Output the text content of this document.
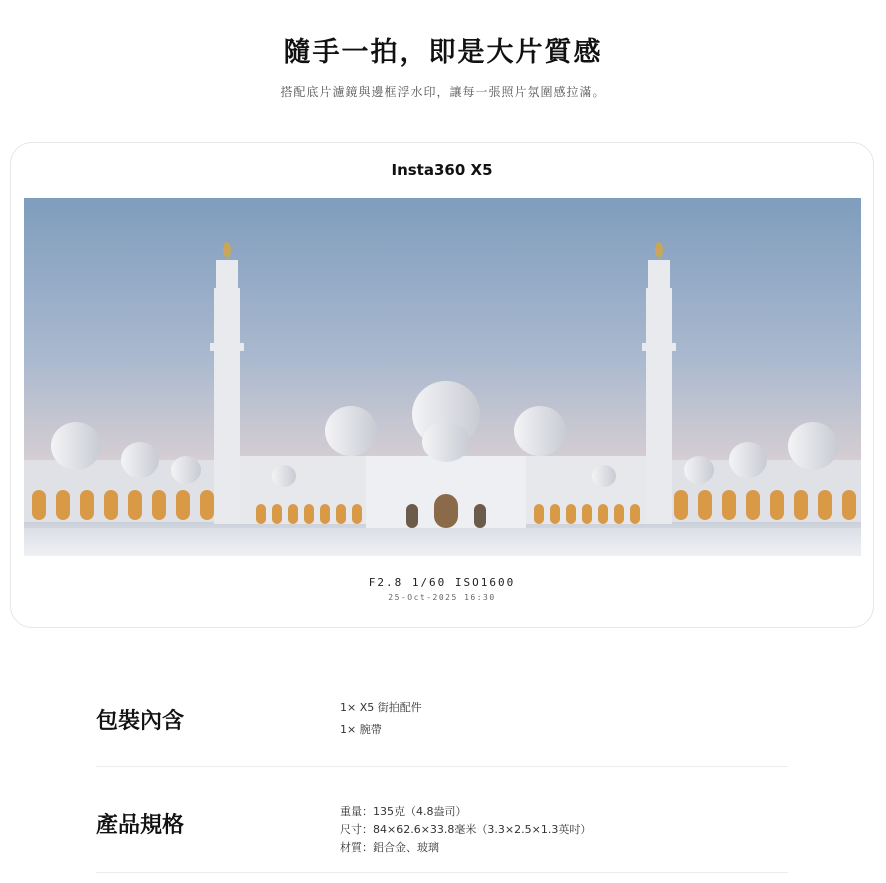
隨手一拍，即是大片質感
搭配底片濾鏡與邊框浮水印，讓每一張照片氛圍感拉滿。
Insta360 X5
F2.8 1/60 ISO1600
25-Oct-2025 16:30
包裝內含
1× X5 街拍配件
1× 腕帶
產品規格
重量：135克（4.8盎司）
尺寸：84×62.6×33.8毫米（3.3×2.5×1.3英吋）
材質：鋁合金、玻璃
